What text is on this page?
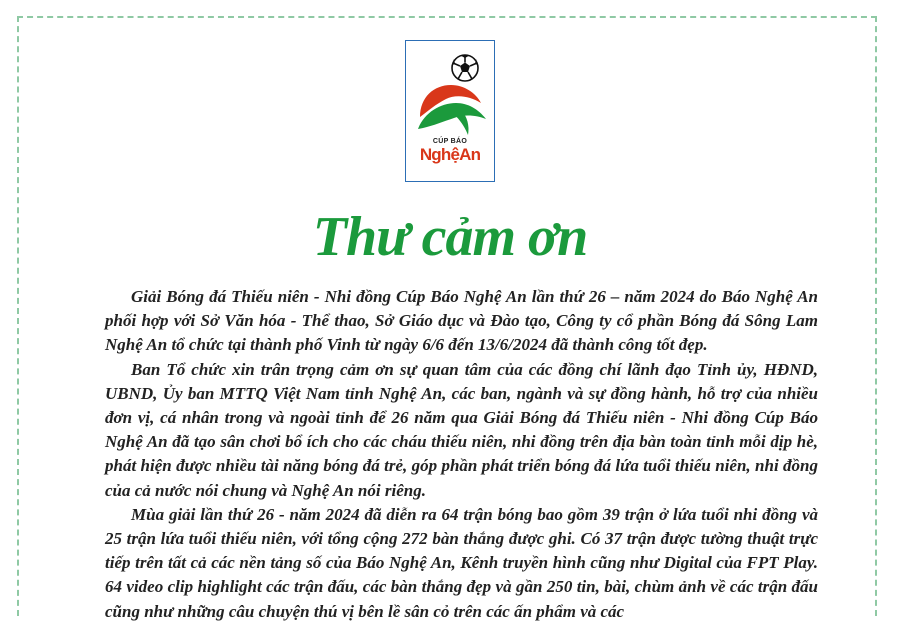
CÚP BÁO
NghệAn
Thư cảm ơn

Giải Bóng đá Thiếu niên - Nhi đồng Cúp Báo Nghệ An lần thứ 26 – năm 2024 do Báo Nghệ An phối hợp với Sở Văn hóa - Thể thao, Sở Giáo dục và Đào tạo, Công ty cổ phần Bóng đá Sông Lam Nghệ An tổ chức tại thành phố Vinh từ ngày 6/6 đến 13/6/2024 đã thành công tốt đẹp.

Ban Tổ chức xin trân trọng cảm ơn sự quan tâm của các đồng chí lãnh đạo Tỉnh ủy, HĐND, UBND, Ủy ban MTTQ Việt Nam tỉnh Nghệ An, các ban, ngành và sự đồng hành, hỗ trợ của nhiều đơn vị, cá nhân trong và ngoài tỉnh để 26 năm qua Giải Bóng đá Thiếu niên - Nhi đồng Cúp Báo Nghệ An đã tạo sân chơi bổ ích cho các cháu thiếu niên, nhi đồng trên địa bàn toàn tỉnh mỗi dịp hè, phát hiện được nhiều tài năng bóng đá trẻ, góp phần phát triển bóng đá lứa tuổi thiếu niên, nhi đồng của cả nước nói chung và Nghệ An nói riêng.

Mùa giải lần thứ 26 - năm 2024 đã diễn ra 64 trận bóng bao gồm 39 trận ở lứa tuổi nhi đồng và 25 trận lứa tuổi thiếu niên, với tổng cộng 272 bàn thắng được ghi. Có 37 trận được tường thuật trực tiếp trên tất cả các nền tảng số của Báo Nghệ An, Kênh truyền hình cũng như Digital của FPT Play. 64 video clip highlight các trận đấu, các bàn thắng đẹp và gần 250 tin, bài, chùm ảnh về các trận đấu cũng như những câu chuyện thú vị bên lề sân cỏ trên các ấn phẩm và các
